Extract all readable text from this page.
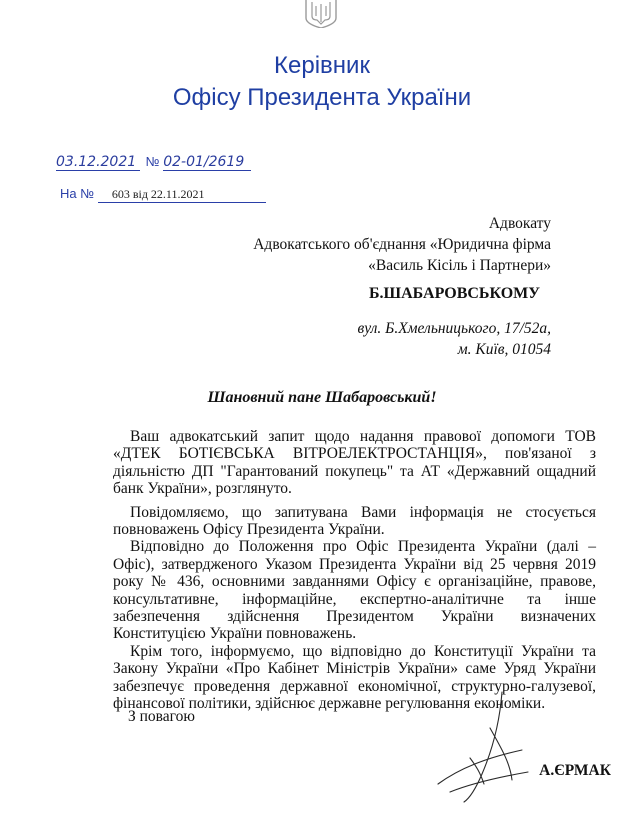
Керівник
Офісу Президента України
03.12.2021 № 02-01/2619
На № 603 від 22.11.2021
Адвокату
Адвокатського об'єднання «Юридична фірма
«Василь Кісіль і Партнери»
Б.ШАБАРОВСЬКОМУ
вул. Б.Хмельницького, 17/52а,
м. Київ, 01054
Шановний пане Шабаровський!

Ваш адвокатський запит щодо надання правової допомоги ТОВ «ДТЕК БОТІЄВСЬКА ВІТРОЕЛЕКТРОСТАНЦІЯ», пов'язаної з діяльністю ДП "Гарантований покупець" та АТ «Державний ощадний банк України», розглянуто.

Повідомляємо, що запитувана Вами інформація не стосується повноважень Офісу Президента України.

Відповідно до Положення про Офіс Президента України (далі – Офіс), затвердженого Указом Президента України від 25 червня 2019 року № 436, основними завданнями Офісу є організаційне, правове, консультативне, інформаційне, експертно-аналітичне та інше забезпечення здійснення Президентом України визначених Конституцією України повноважень.

Крім того, інформуємо, що відповідно до Конституції України та Закону України «Про Кабінет Міністрів України» саме Уряд України забезпечує проведення державної економічної, структурно-галузевої, фінансової політики, здійснює державне регулювання економіки.

З повагою
А.ЄРМАК
